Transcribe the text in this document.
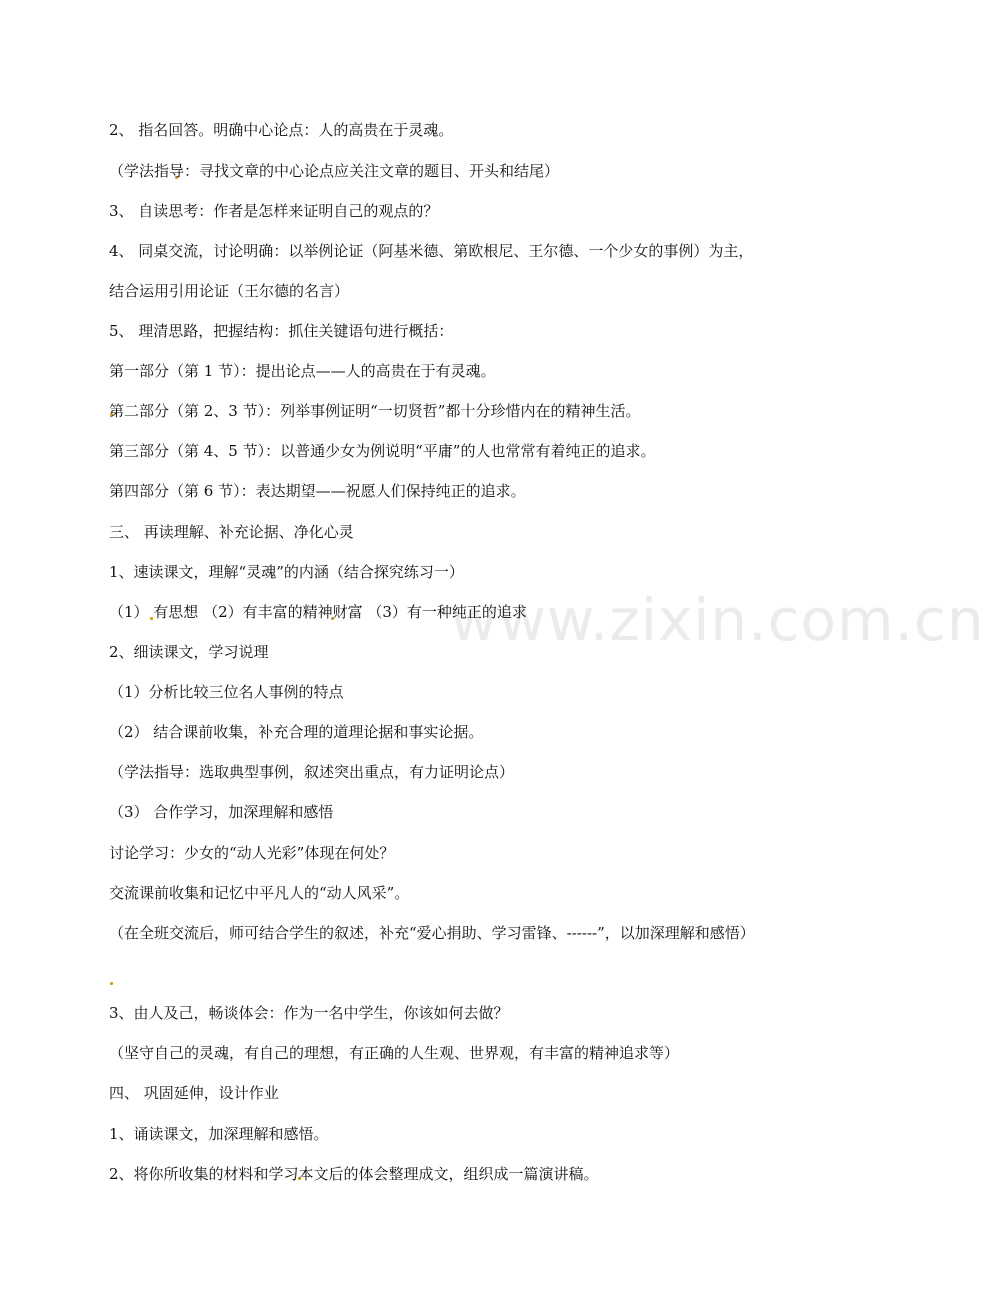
www.zixin.com.cn
2、 指名回答。明确中心论点：人的高贵在于灵魂。
（学法指导：寻找文章的中心论点应关注文章的题目、开头和结尾）
3、 自读思考：作者是怎样来证明自己的观点的？
4、 同桌交流，讨论明确：以举例论证（阿基米德、第欧根尼、王尔德、一个少女的事例）为主，
结合运用引用论证（王尔德的名言）
5、 理清思路，把握结构：抓住关键语句进行概括：
第一部分（第 1 节）：提出论点——人的高贵在于有灵魂。
第二部分（第 2、3 节）：列举事例证明“一切贤哲”都十分珍惜内在的精神生活。
第三部分（第 4、5 节）：以普通少女为例说明“平庸”的人也常常有着纯正的追求。
第四部分（第 6 节）：表达期望——祝愿人们保持纯正的追求。
三、 再读理解、补充论据、净化心灵
1、速读课文，理解“灵魂”的内涵（结合探究练习一）
（1） 有思想 （2）有丰富的精神财富 （3）有一种纯正的追求
2、细读课文，学习说理
（1）分析比较三位名人事例的特点
（2） 结合课前收集，补充合理的道理论据和事实论据。
（学法指导：选取典型事例，叙述突出重点，有力证明论点）
（3） 合作学习，加深理解和感悟
讨论学习：少女的“动人光彩”体现在何处？
交流课前收集和记忆中平凡人的“动人风采”。
（在全班交流后，师可结合学生的叙述，补充“爱心捐助、学习雷锋、------”，以加深理解和感悟）
3、由人及己，畅谈体会：作为一名中学生，你该如何去做？
（坚守自己的灵魂，有自己的理想，有正确的人生观、世界观，有丰富的精神追求等）
四、 巩固延伸，设计作业
1、诵读课文，加深理解和感悟。
2、将你所收集的材料和学习本文后的体会整理成文，组织成一篇演讲稿。
